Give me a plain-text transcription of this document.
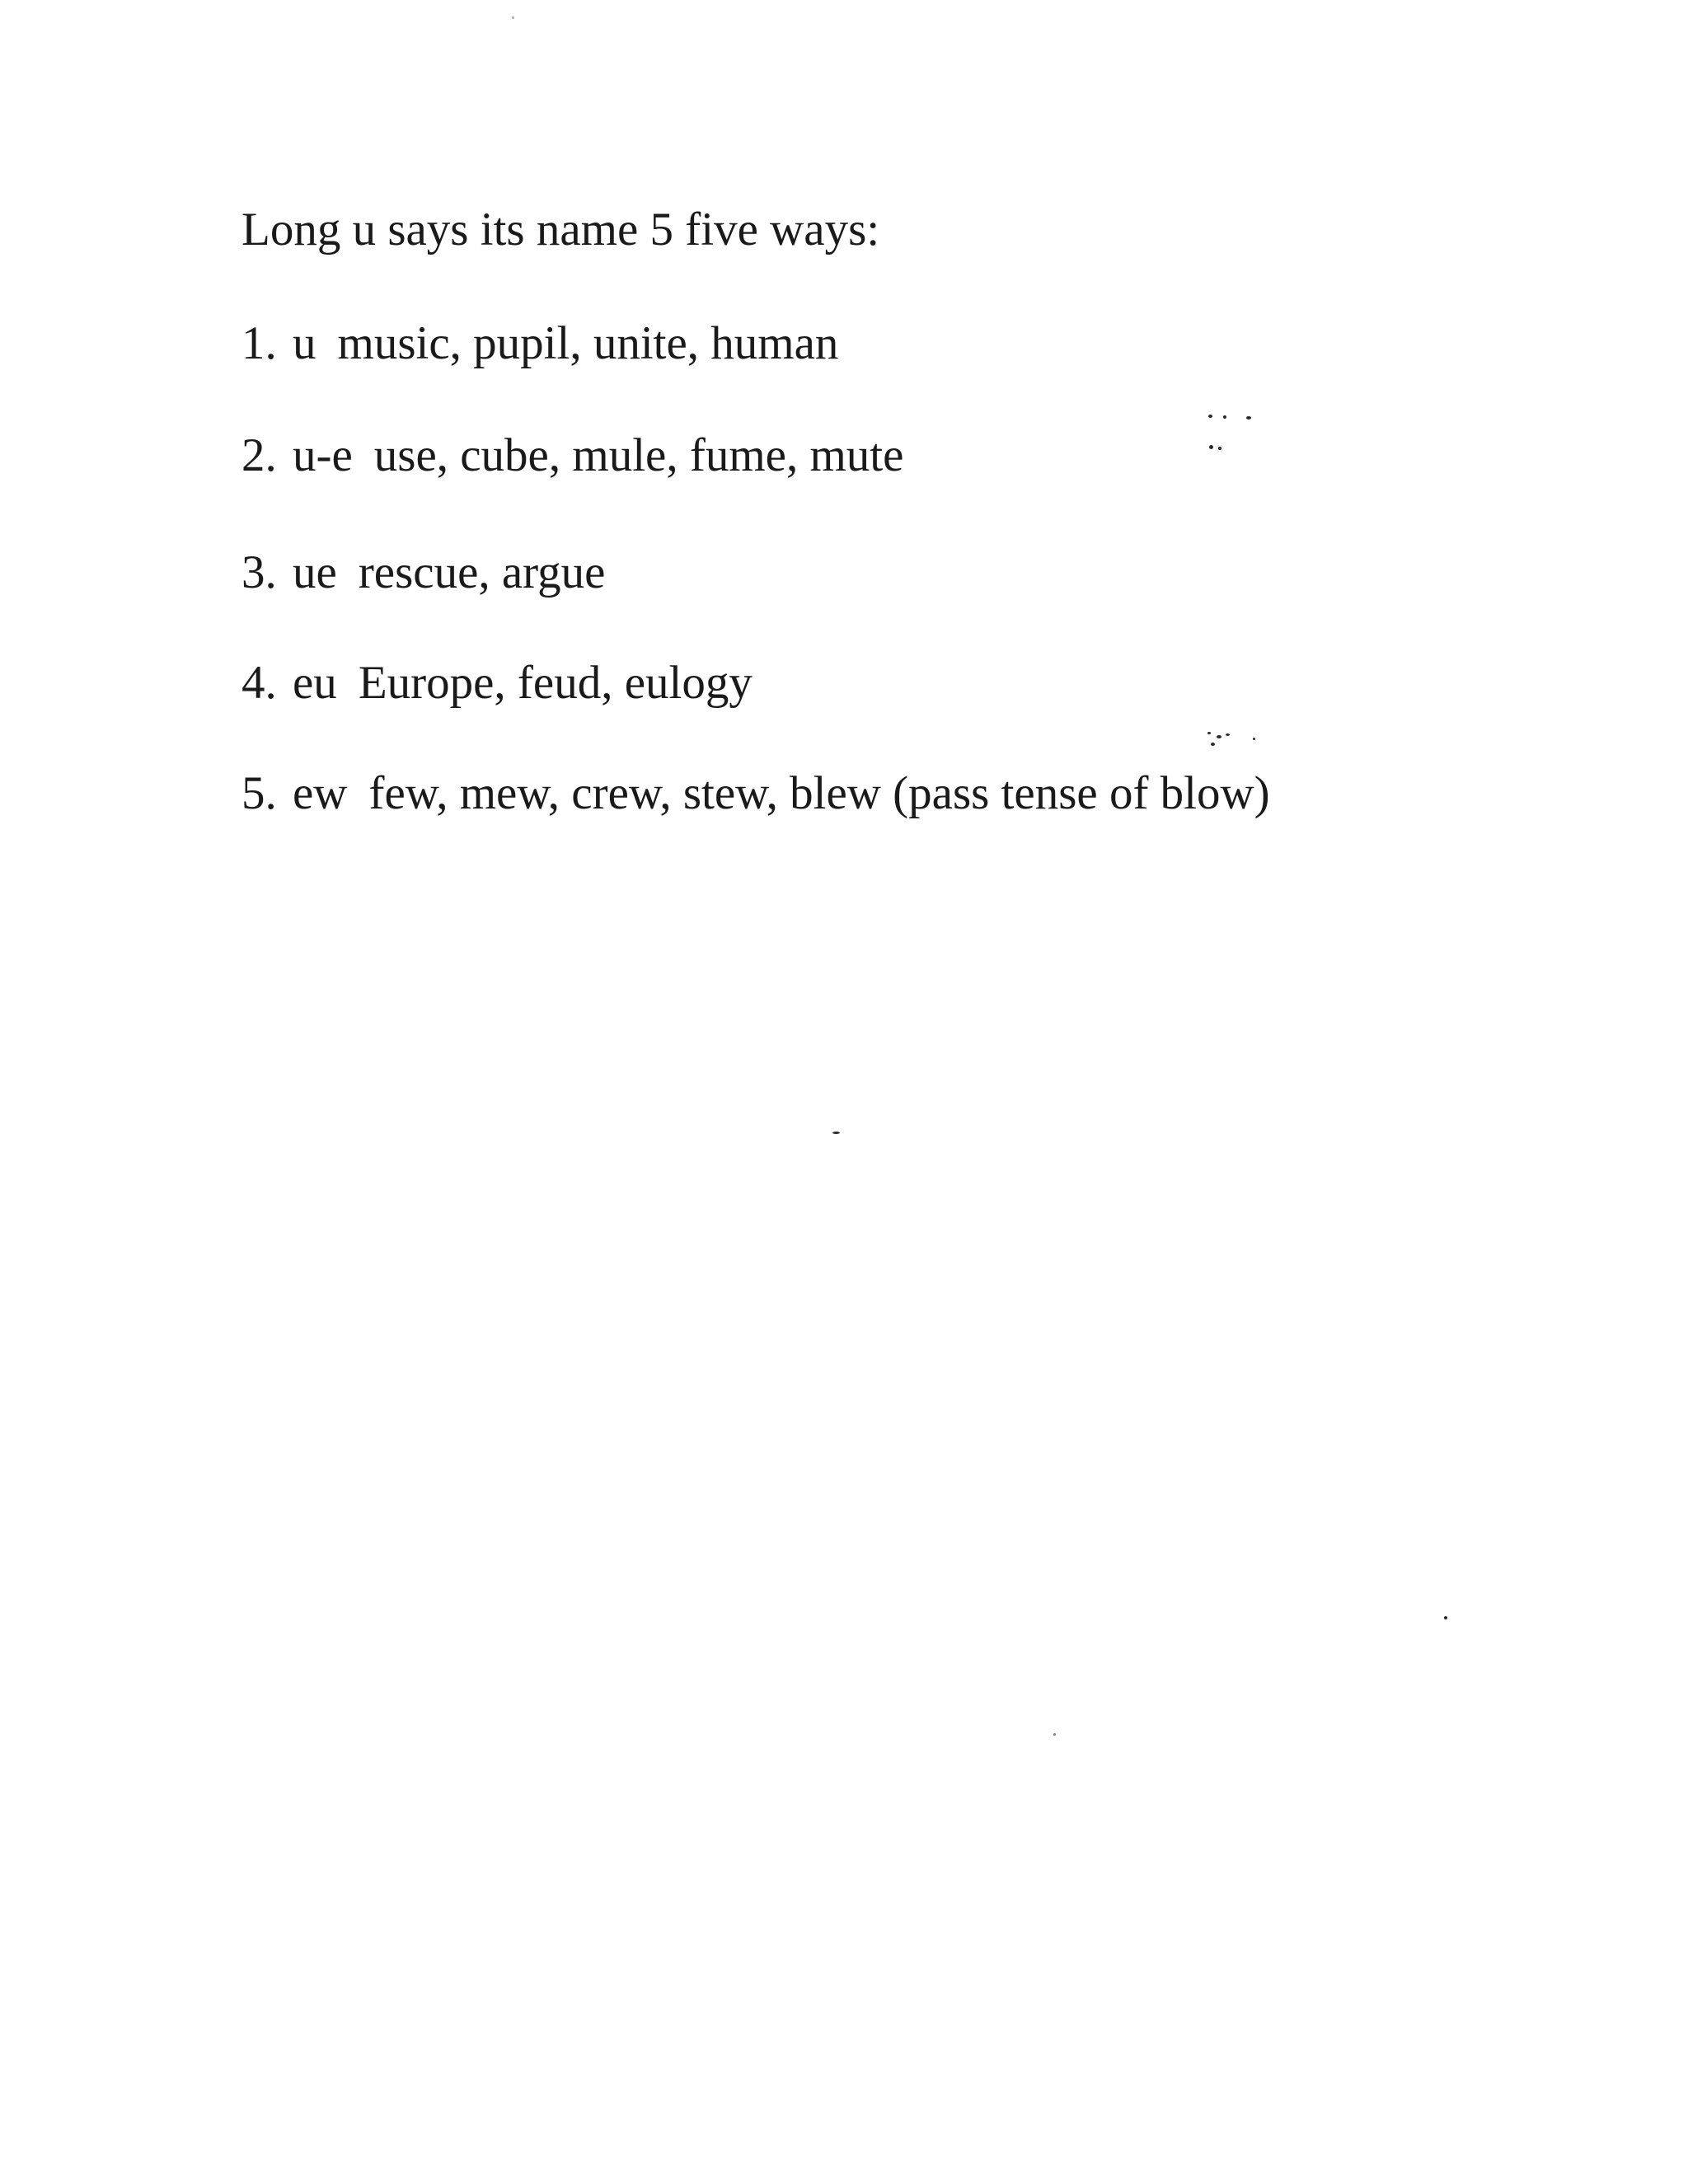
Long u says its name 5 five ways:

1. u music, pupil, unite, human

2. u-e use, cube, mule, fume, mute

3. ue rescue, argue

4. eu Europe, feud, eulogy

5. ew few, mew, crew, stew, blew (pass tense of blow)
